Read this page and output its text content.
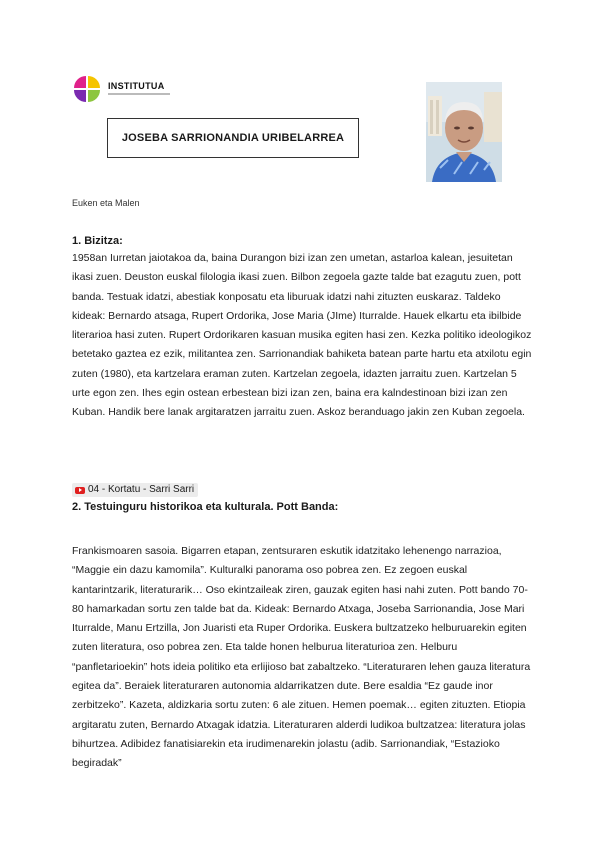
INSTITUTUA
JOSEBA SARRIONANDIA URIBELARREA
Euken eta Malen
1. Bizitza:
1958an Iurretan jaiotakoa da, baina Durangon bizi izan zen umetan, astarloa kalean, jesuitetan ikasi zuen. Deuston euskal filologia ikasi zuen. Bilbon zegoela gazte talde bat ezagutu zuen, pott banda. Testuak idatzi, abestiak konposatu eta liburuak idatzi nahi zituzten euskaraz. Taldeko kideak: Bernardo atsaga, Rupert Ordorika, Jose Maria (JIme) Iturralde. Hauek elkartu eta ibilbide literarioa hasi zuten. Rupert Ordorikaren kasuan musika egiten hasi zen. Kezka politiko ideologikoz betetako gaztea ez ezik, militantea zen. Sarrionandiak bahiketa batean parte hartu eta atxilotu egin zuten (1980), eta kartzelara eraman zuten. Kartzelan zegoela, idazten jarraitu zuen. Kartzelan 5 urte egon zen. Ihes egin ostean erbestean bizi izan zen, baina era kalndestinoan bizi izan zen Kuban. Handik bere lanak argitaratzen jarraitu zuen. Askoz beranduago jakin zen Kuban zegoela.
04 - Kortatu - Sarri Sarri
2. Testuinguru historikoa eta kulturala. Pott Banda:
Frankismoaren sasoia. Bigarren etapan, zentsuraren eskutik idatzitako lehenengo narrazioa, “Maggie ein dazu kamomila”. Kulturalki panorama oso pobrea zen. Ez zegoen euskal kantarintzarik, literaturarik… Oso ekintzaileak ziren, gauzak egiten hasi nahi zuten. Pott bando 70-80 hamarkadan sortu zen talde bat da. Kideak: Bernardo Atxaga, Joseba Sarrionandia, Jose Mari Iturralde, Manu Ertzilla, Jon Juaristi eta Ruper Ordorika. Euskera bultzatzeko helburuarekin egiten zuten literatura, oso pobrea zen. Eta talde honen helburua literaturioa zen. Helburu “panfletarioekin” hots ideia politiko eta erlijioso bat zabaltzeko. “Literaturaren lehen gauza literatura egitea da”. Beraiek literaturaren autonomia aldarrikatzen dute. Bere esaldia “Ez gaude inor zerbitzeko”. Kazeta, aldizkaria sortu zuten: 6 ale zituen. Hemen poemak… egiten zituzten. Etiopia argitaratu zuten, Bernardo Atxagak idatzia. Literaturaren alderdi ludikoa bultzatzea: literatura jolas bihurtzea. Adibidez fanatisiarekin eta irudimenarekin jolastu (adib. Sarrionandiak, “Estazioko begiradak”
